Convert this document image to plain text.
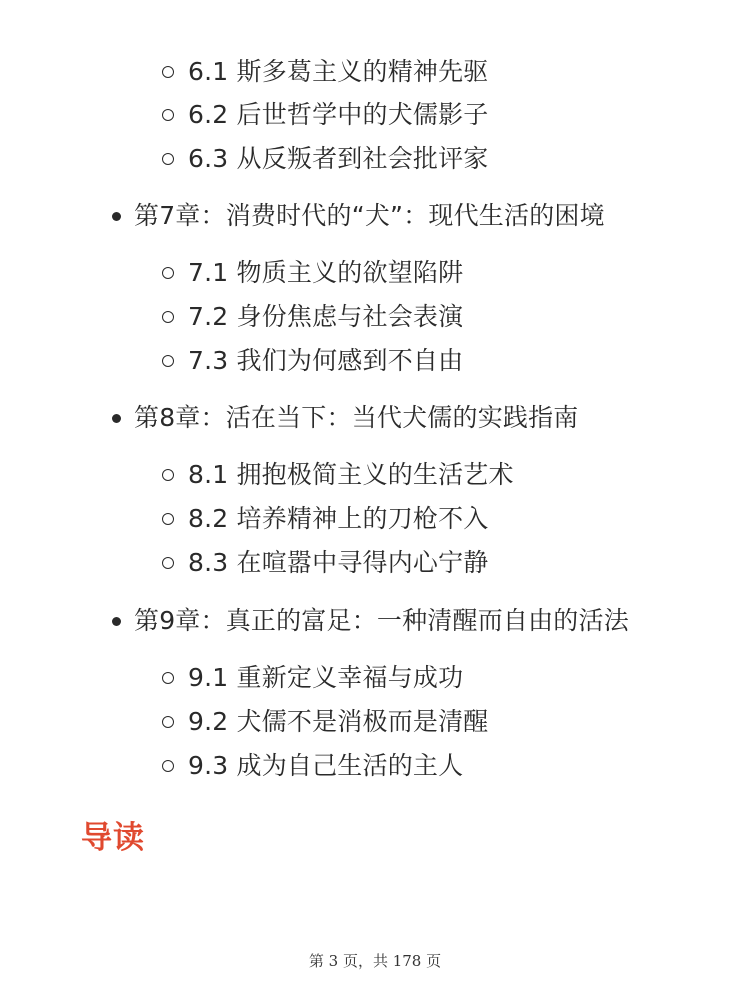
6.1 斯多葛主义的精神先驱
6.2 后世哲学中的犬儒影子
6.3 从反叛者到社会批评家
第7章：消费时代的“犬”：现代生活的困境
7.1 物质主义的欲望陷阱
7.2 身份焦虑与社会表演
7.3 我们为何感到不自由
第8章：活在当下：当代犬儒的实践指南
8.1 拥抱极简主义的生活艺术
8.2 培养精神上的刀枪不入
8.3 在喧嚣中寻得内心宁静
第9章：真正的富足：一种清醒而自由的活法
9.1 重新定义幸福与成功
9.2 犬儒不是消极而是清醒
9.3 成为自己生活的主人
导读
第 3 页，共 178 页
